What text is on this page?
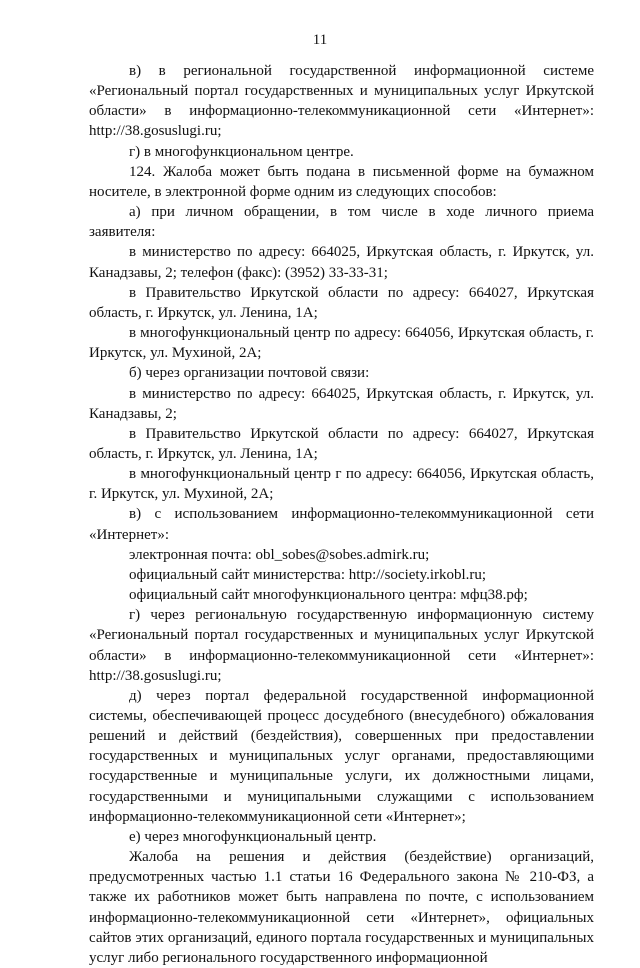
11

в) в региональной государственной информационной системе «Региональный портал государственных и муниципальных услуг Иркутской области» в информационно-телекоммуникационной сети «Интернет»: http://38.gosuslugi.ru;

г) в многофункциональном центре.

124. Жалоба может быть подана в письменной форме на бумажном носителе, в электронной форме одним из следующих способов:

а) при личном обращении, в том числе в ходе личного приема заявителя:

в министерство по адресу: 664025, Иркутская область, г. Иркутск, ул. Канадзавы, 2; телефон (факс): (3952) 33-33-31;

в Правительство Иркутской области по адресу: 664027, Иркутская область, г. Иркутск, ул. Ленина, 1А;

в многофункциональный центр по адресу: 664056, Иркутская область, г. Иркутск, ул. Мухиной, 2А;

б) через организации почтовой связи:

в министерство по адресу: 664025, Иркутская область, г. Иркутск, ул. Канадзавы, 2;

в Правительство Иркутской области по адресу: 664027, Иркутская область, г. Иркутск, ул. Ленина, 1А;

в многофункциональный центр г по адресу: 664056, Иркутская область, г. Иркутск, ул. Мухиной, 2А;

в) с использованием информационно-телекоммуникационной сети «Интернет»:

электронная почта: obl_sobes@sobes.admirk.ru;

официальный сайт министерства: http://society.irkobl.ru;

официальный сайт многофункционального центра: мфц38.рф;

г) через региональную государственную информационную систему «Региональный портал государственных и муниципальных услуг Иркутской области» в информационно-телекоммуникационной сети «Интернет»: http://38.gosuslugi.ru;

д) через портал федеральной государственной информационной системы, обеспечивающей процесс досудебного (внесудебного) обжалования решений и действий (бездействия), совершенных при предоставлении государственных и муниципальных услуг органами, предоставляющими государственные и муниципальные услуги, их должностными лицами, государственными и муниципальными служащими с использованием информационно-телекоммуникационной сети «Интернет»;

е) через многофункциональный центр.

Жалоба на решения и действия (бездействие) организаций, предусмотренных частью 1.1 статьи 16 Федерального закона № 210-ФЗ, а также их работников может быть направлена по почте, с использованием информационно-телекоммуникационной сети «Интернет», официальных сайтов этих организаций, единого портала государственных и муниципальных услуг либо регионального государственного информационной
